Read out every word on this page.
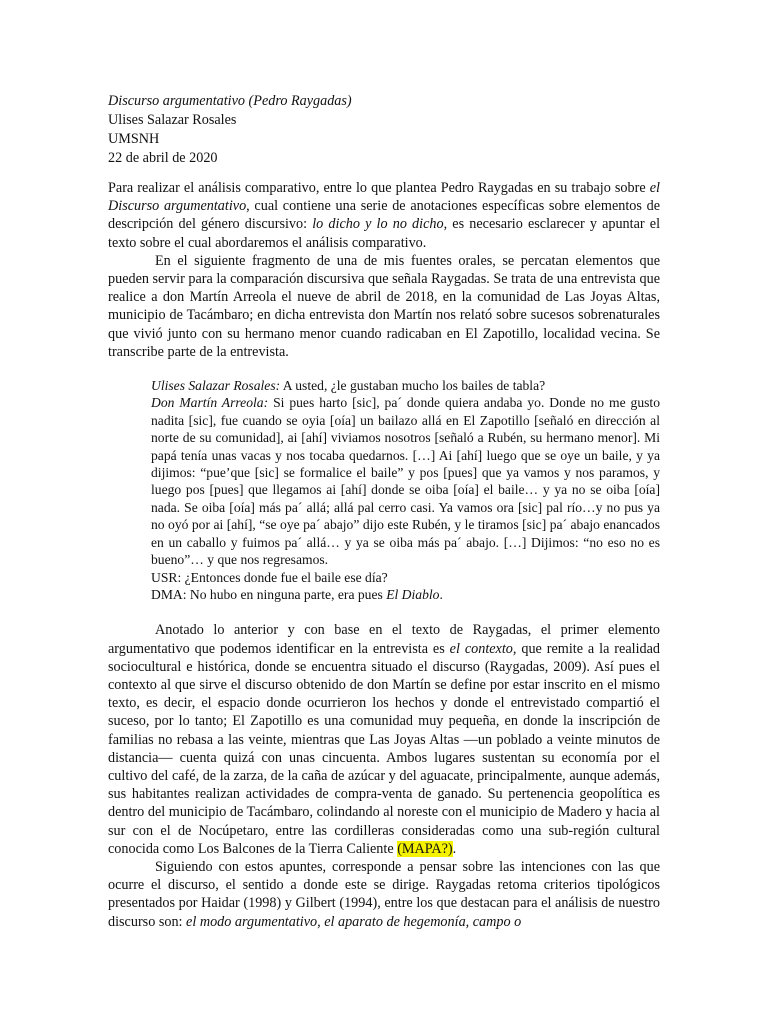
Discurso argumentativo (Pedro Raygadas)
Ulises Salazar Rosales
UMSNH
22 de abril de 2020

Para realizar el análisis comparativo, entre lo que plantea Pedro Raygadas en su trabajo sobre el Discurso argumentativo, cual contiene una serie de anotaciones específicas sobre elementos de descripción del género discursivo: lo dicho y lo no dicho, es necesario esclarecer y apuntar el texto sobre el cual abordaremos el análisis comparativo.

En el siguiente fragmento de una de mis fuentes orales, se percatan elementos que pueden servir para la comparación discursiva que señala Raygadas. Se trata de una entrevista que realice a don Martín Arreola el nueve de abril de 2018, en la comunidad de Las Joyas Altas, municipio de Tacámbaro; en dicha entrevista don Martín nos relató sobre sucesos sobrenaturales que vivió junto con su hermano menor cuando radicaban en El Zapotillo, localidad vecina. Se transcribe parte de la entrevista.

Ulises Salazar Rosales: A usted, ¿le gustaban mucho los bailes de tabla?

Don Martín Arreola: Si pues harto [sic], pa´ donde quiera andaba yo. Donde no me gusto nadita [sic], fue cuando se oyia [oía] un bailazo allá en El Zapotillo [señaló en dirección al norte de su comunidad], ai [ahí] viviamos nosotros [señaló a Rubén, su hermano menor]. Mi papá tenía unas vacas y nos tocaba quedarnos. […] Ai [ahí] luego que se oye un baile, y ya dijimos: “pue’que [sic] se formalice el baile” y pos [pues] que ya vamos y nos paramos, y luego pos [pues] que llegamos ai [ahí] donde se oiba [oía] el baile… y ya no se oiba [oía] nada. Se oiba [oía] más pa´ allá; allá pal cerro casi. Ya vamos ora [sic] pal río…y no pus ya no oyó por ai [ahí], “se oye pa´ abajo” dijo este Rubén, y le tiramos [sic] pa´ abajo enancados en un caballo y fuimos pa´ allá… y ya se oiba más pa´ abajo. […] Dijimos: “no eso no es bueno”… y que nos regresamos.

USR: ¿Entonces donde fue el baile ese día?

DMA: No hubo en ninguna parte, era pues El Diablo.

Anotado lo anterior y con base en el texto de Raygadas, el primer elemento argumentativo que podemos identificar en la entrevista es el contexto, que remite a la realidad sociocultural e histórica, donde se encuentra situado el discurso (Raygadas, 2009). Así pues el contexto al que sirve el discurso obtenido de don Martín se define por estar inscrito en el mismo texto, es decir, el espacio donde ocurrieron los hechos y donde el entrevistado compartió el suceso, por lo tanto; El Zapotillo es una comunidad muy pequeña, en donde la inscripción de familias no rebasa a las veinte, mientras que Las Joyas Altas —un poblado a veinte minutos de distancia— cuenta quizá con unas cincuenta. Ambos lugares sustentan su economía por el cultivo del café, de la zarza, de la caña de azúcar y del aguacate, principalmente, aunque además, sus habitantes realizan actividades de compra-venta de ganado. Su pertenencia geopolítica es dentro del municipio de Tacámbaro, colindando al noreste con el municipio de Madero y hacia al sur con el de Nocúpetaro, entre las cordilleras consideradas como una sub-región cultural conocida como Los Balcones de la Tierra Caliente (MAPA?).

Siguiendo con estos apuntes, corresponde a pensar sobre las intenciones con las que ocurre el discurso, el sentido a donde este se dirige. Raygadas retoma criterios tipológicos presentados por Haidar (1998) y Gilbert (1994), entre los que destacan para el análisis de nuestro discurso son: el modo argumentativo, el aparato de hegemonía, campo o
